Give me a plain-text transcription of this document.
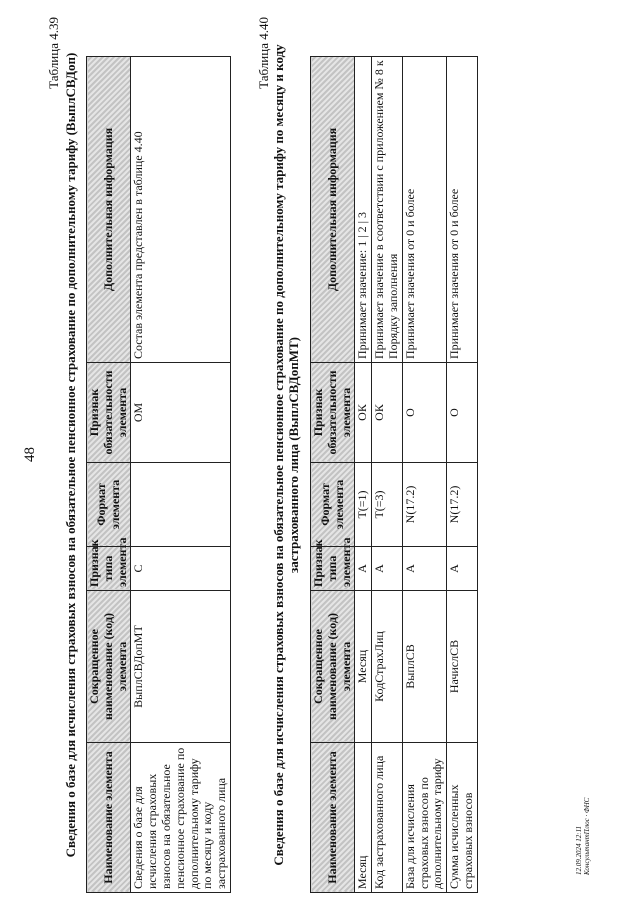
48
Таблица 4.39 Сведения о базе для исчисления страховых взносов на обязательное пенсионное страхование по дополнительному тарифу (ВыплСВДоп) Наименование элемента	Сокращенное наименование (код) элемента	Признак типа элемента	Формат элемента	Признак обязательности элемента	Дополнительная информация
Сведения о базе для исчисления страховых взносов на обязательное пенсионное страхование по дополнительному тарифу по месяцу и коду застрахованного лица	ВыплСВДопМТ	С		ОМ	Состав элемента представлен в таблице 4.40
Таблица 4.40 Сведения о базе для исчисления страховых взносов на обязательное пенсионное страхование по дополнительному тарифу по месяцу и коду застрахованного лица (ВыплСВДопМТ)
Наименование элемента	Сокращенное наименование (код) элемента	Признак типа элемента	Формат элемента	Признак обязательности элемента	Дополнительная информация
Месяц	Месяц	А	Т(=1)	ОК	Принимает значение: 1 | 2 | 3
Код застрахованного лица	КодСтрахЛиц	А	Т(=3)	ОК	Принимает значение в соответствии с приложением № 8 к Порядку заполнения
База для исчисления страховых взносов по дополнительному тарифу	ВыплСВ	А	N(17.2)	О	Принимает значения от 0 и более
Сумма исчисленных страховых взносов	НачислСВ	А	N(17.2)	О	Принимает значения от 0 и более
12.09.2024 12:11 КонсультантПлюс · ФНС
